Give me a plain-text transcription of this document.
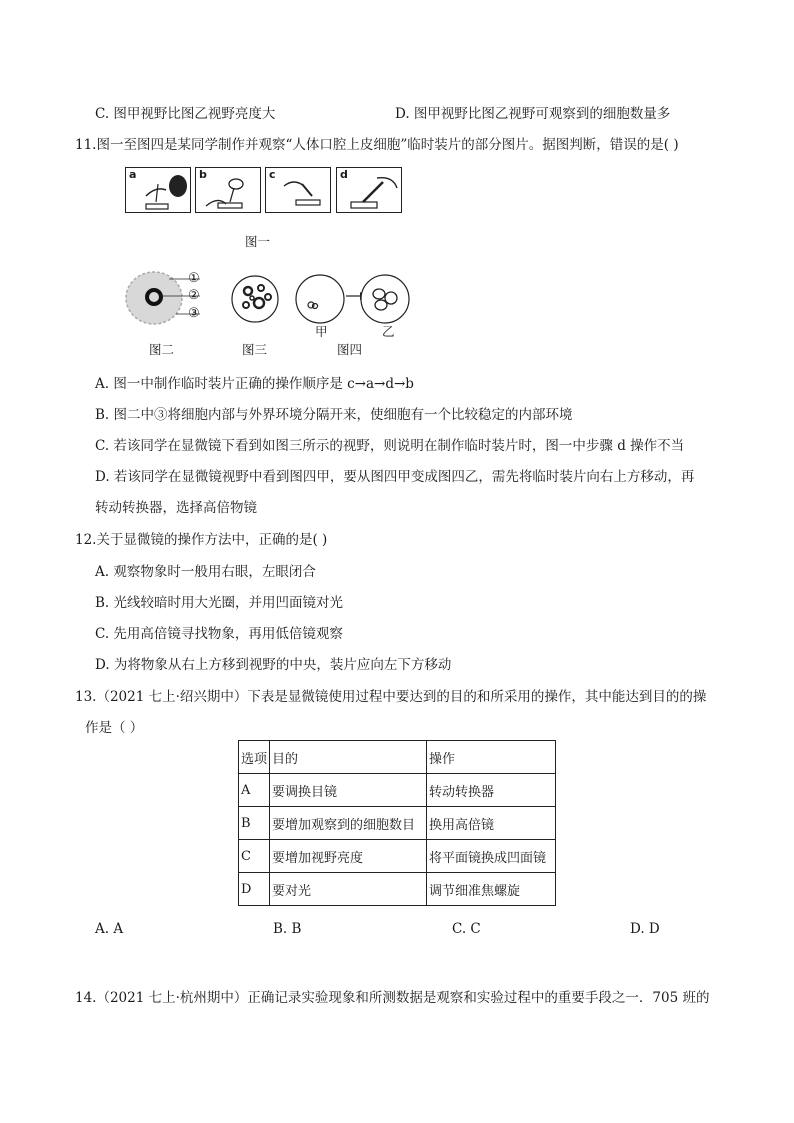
C. 图甲视野比图乙视野亮度大	D. 图甲视野比图乙视野可观察到的细胞数量多
11.图一至图四是某同学制作并观察“人体口腔上皮细胞”临时装片的部分图片。据图判断，错误的是( )
a	b	c	d
图一
①
②
③
图二	图三
甲	乙
图四
A. 图一中制作临时装片正确的操作顺序是 c→a→d→b
B. 图二中③将细胞内部与外界环境分隔开来，使细胞有一个比较稳定的内部环境
C. 若该同学在显微镜下看到如图三所示的视野，则说明在制作临时装片时，图一中步骤 d 操作不当
D. 若该同学在显微镜视野中看到图四甲，要从图四甲变成图四乙，需先将临时装片向右上方移动，再
转动转换器，选择高倍物镜
12.关于显微镜的操作方法中，正确的是( )
A. 观察物象时一般用右眼，左眼闭合
B. 光线较暗时用大光圈，并用凹面镜对光
C. 先用高倍镜寻找物象，再用低倍镜观察
D. 为将物象从右上方移到视野的中央，装片应向左下方移动
13.（2021 七上·绍兴期中）下表是显微镜使用过程中要达到的目的和所采用的操作，其中能达到目的的操
作是（ ）
选项	目的	操作
A	要调换目镜	转动转换器
B	要增加观察到的细胞数目	换用高倍镜
C	要增加视野亮度	将平面镜换成凹面镜
D	要对光	调节细准焦螺旋
A. A	B. B	C. C	D. D
14.（2021 七上·杭州期中）正确记录实验现象和所测数据是观察和实验过程中的重要手段之一．705 班的
